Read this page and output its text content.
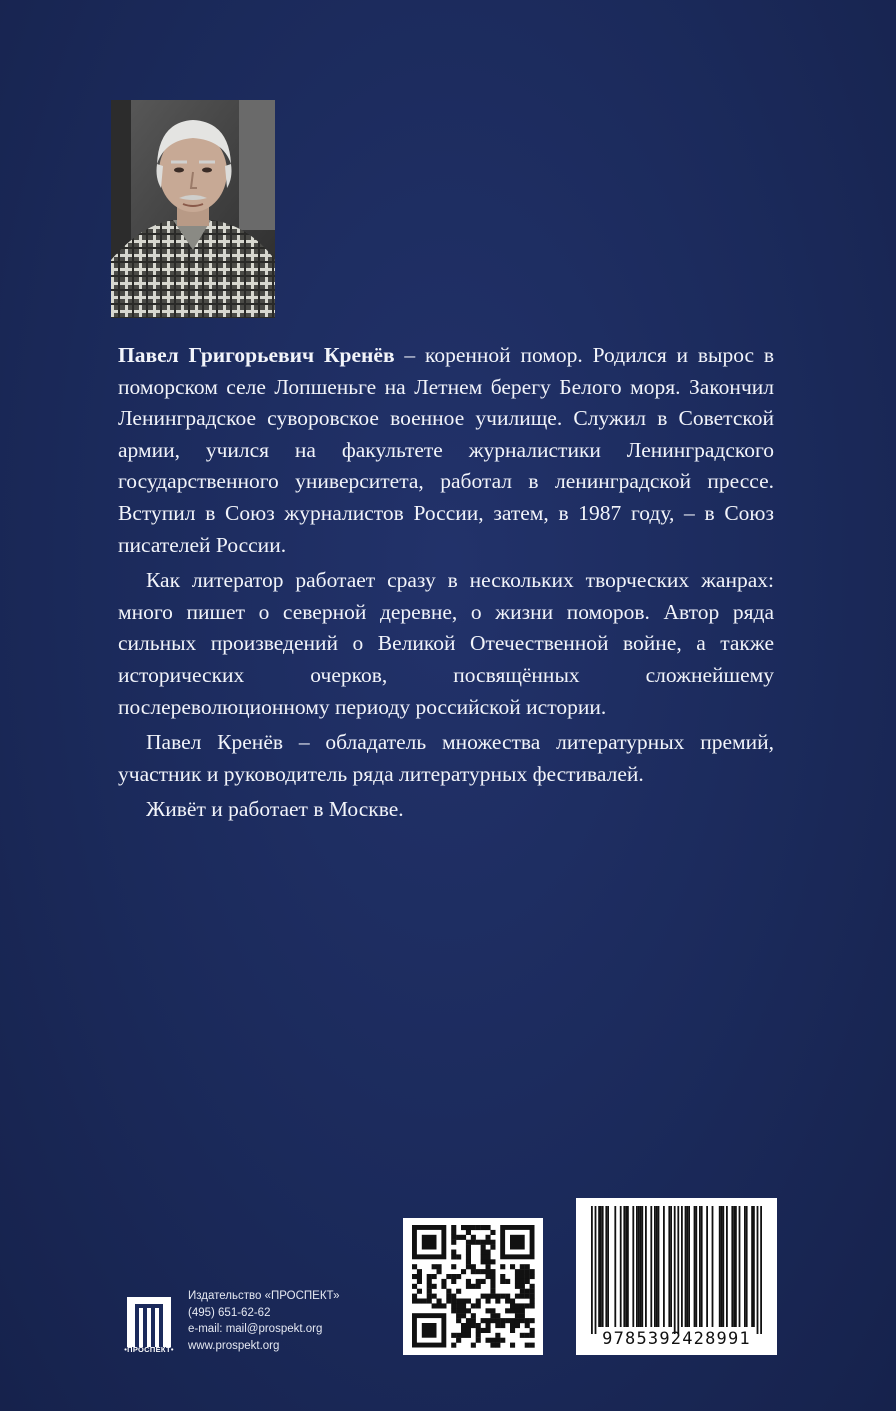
Павел Григорьевич Кренёв – коренной помор. Родился и вырос в поморском селе Лопшеньге на Летнем берегу Белого моря. Закончил Ленинградское суворовское военное училище. Служил в Советской армии, учился на факультете журналистики Ленинградского государственного университета, работал в ленинградской прессе. Вступил в Союз журналистов России, затем, в 1987 году, – в Союз писателей России.

Как литератор работает сразу в нескольких творческих жанрах: много пишет о северной деревне, о жизни поморов. Автор ряда сильных произведений о Великой Отечественной войне, а также исторических очерков, посвящённых сложнейшему послереволюционному периоду российской истории.

Павел Кренёв – обладатель множества литературных премий, участник и руководитель ряда литературных фестивалей.

Живёт и работает в Москве.

•ПРОСПЕКТ•
Издательство «ПРОСПЕКТ»
(495) 651-62-62
e-mail: mail@prospekt.org
www.prospekt.org	9785392428991
